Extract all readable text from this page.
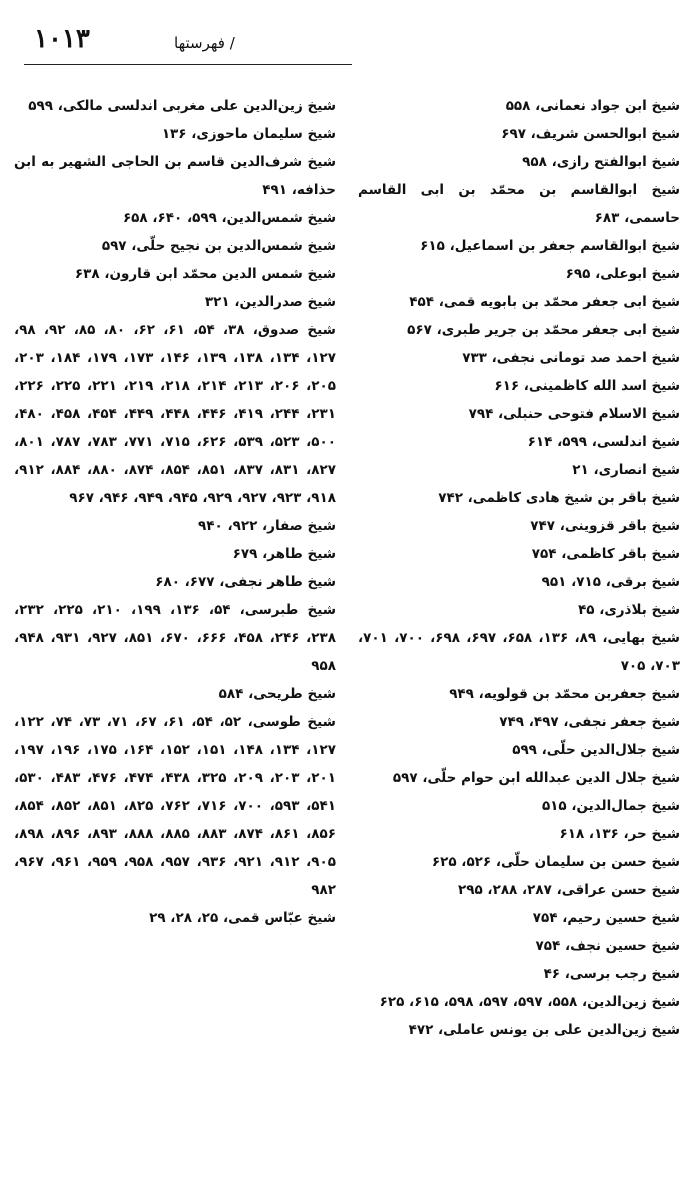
۱۰۱۳	/ فهرستها
شیخ ابن جواد نعمانی، ۵۵۸
شیخ ابوالحسن شریف، ۶۹۷
شیخ ابوالفتح رازی، ۹۵۸
شیخ ابوالقاسم بن محمّد بن ابی القاسم حاسمی، ۶۸۳
شیخ ابوالقاسم جعفر بن اسماعیل، ۶۱۵
شیخ ابوعلی، ۶۹۵
شیخ ابی جعفر محمّد بن بابویه قمی، ۴۵۴
شیخ ابی جعفر محمّد بن جریر طبری، ۵۶۷
شیخ احمد صد تومانی نجفی، ۷۳۳
شیخ اسد الله کاظمینی، ۶۱۶
شیخ الاسلام فتوحی حنبلی، ۷۹۴
شیخ اندلسی، ۵۹۹، ۶۱۴
شیخ انصاری، ۲۱
شیخ باقر بن شیخ هادی کاظمی، ۷۴۲
شیخ باقر قزوینی، ۷۴۷
شیخ باقر کاظمی، ۷۵۴
شیخ برقی، ۷۱۵، ۹۵۱
شیخ بلاذری، ۴۵
شیخ بهایی، ۸۹، ۱۳۶، ۶۵۸، ۶۹۷، ۶۹۸، ۷۰۰، ۷۰۱، ۷۰۳، ۷۰۵
شیخ جعفربن محمّد بن قولویه، ۹۴۹
شیخ جعفر نجفی، ۴۹۷، ۷۴۹
شیخ جلال‌الدین حلّی، ۵۹۹
شیخ جلال الدین عبدالله ابن حوام حلّی، ۵۹۷
شیخ جمال‌الدین، ۵۱۵
شیخ حر، ۱۳۶، ۶۱۸
شیخ حسن بن سلیمان حلّی، ۵۲۶، ۶۲۵
شیخ حسن عراقی، ۲۸۷، ۲۸۸، ۲۹۵
شیخ حسین رحیم، ۷۵۴
شیخ حسین نجف، ۷۵۴
شیخ رجب برسی، ۴۶
شیخ زین‌الدین، ۵۵۸، ۵۹۷، ۵۹۷، ۵۹۸، ۶۱۵، ۶۲۵
شیخ زین‌الدین علی بن یونس عاملی، ۴۷۲
شیخ زین‌الدین علی مغربی اندلسی مالکی، ۵۹۹
شیخ سلیمان ماحوزی، ۱۳۶
شیخ شرف‌الدین قاسم بن الحاجی الشهیر به ابن حذافه، ۴۹۱
شیخ شمس‌الدین، ۵۹۹، ۶۴۰، ۶۵۸
شیخ شمس‌الدین بن نجیح حلّی، ۵۹۷
شیخ شمس الدین محمّد ابن قارون، ۶۳۸
شیخ صدرالدین، ۳۲۱
شیخ صدوق، ۳۸، ۵۴، ۶۱، ۶۲، ۸۰، ۸۵، ۹۲، ۹۸، ۱۲۷، ۱۳۴، ۱۳۸، ۱۳۹، ۱۴۶، ۱۷۳، ۱۷۹، ۱۸۴، ۲۰۳، ۲۰۵، ۲۰۶، ۲۱۳، ۲۱۴، ۲۱۸، ۲۱۹، ۲۲۱، ۲۲۵، ۲۲۶، ۲۳۱، ۲۴۴، ۴۱۹، ۴۴۶، ۴۴۸، ۴۴۹، ۴۵۴، ۴۵۸، ۴۸۰، ۵۰۰، ۵۲۳، ۵۳۹، ۶۲۶، ۷۱۵، ۷۷۱، ۷۸۳، ۷۸۷، ۸۰۱، ۸۲۷، ۸۳۱، ۸۳۷، ۸۵۱، ۸۵۴، ۸۷۴، ۸۸۰، ۸۸۴، ۹۱۲، ۹۱۸، ۹۲۳، ۹۲۷، ۹۲۹، ۹۴۵، ۹۴۹، ۹۴۶، ۹۶۷
شیخ صفار، ۹۲۲، ۹۴۰
شیخ طاهر، ۶۷۹
شیخ طاهر نجفی، ۶۷۷، ۶۸۰
شیخ طبرسی، ۵۴، ۱۳۶، ۱۹۹، ۲۱۰، ۲۲۵، ۲۳۲، ۲۳۸، ۲۴۶، ۴۵۸، ۶۶۶، ۶۷۰، ۸۵۱، ۹۲۷، ۹۳۱، ۹۴۸، ۹۵۸
شیخ طریحی، ۵۸۴
شیخ طوسی، ۵۲، ۵۴، ۶۱، ۶۷، ۷۱، ۷۳، ۷۴، ۱۲۲، ۱۲۷، ۱۳۴، ۱۴۸، ۱۵۱، ۱۵۲، ۱۶۴، ۱۷۵، ۱۹۶، ۱۹۷، ۲۰۱، ۲۰۳، ۲۰۹، ۳۲۵، ۴۳۸، ۴۷۴، ۴۷۶، ۴۸۳، ۵۳۰، ۵۴۱، ۵۹۳، ۷۰۰، ۷۱۶، ۷۶۲، ۸۲۵، ۸۵۱، ۸۵۲، ۸۵۴، ۸۵۶، ۸۶۱، ۸۷۴، ۸۸۳، ۸۸۵، ۸۸۸، ۸۹۳، ۸۹۶، ۸۹۸، ۹۰۵، ۹۱۲، ۹۲۱، ۹۳۶، ۹۵۷، ۹۵۸، ۹۵۹، ۹۶۱، ۹۶۷، ۹۸۲
شیخ عبّاس قمی، ۲۵، ۲۸، ۲۹
